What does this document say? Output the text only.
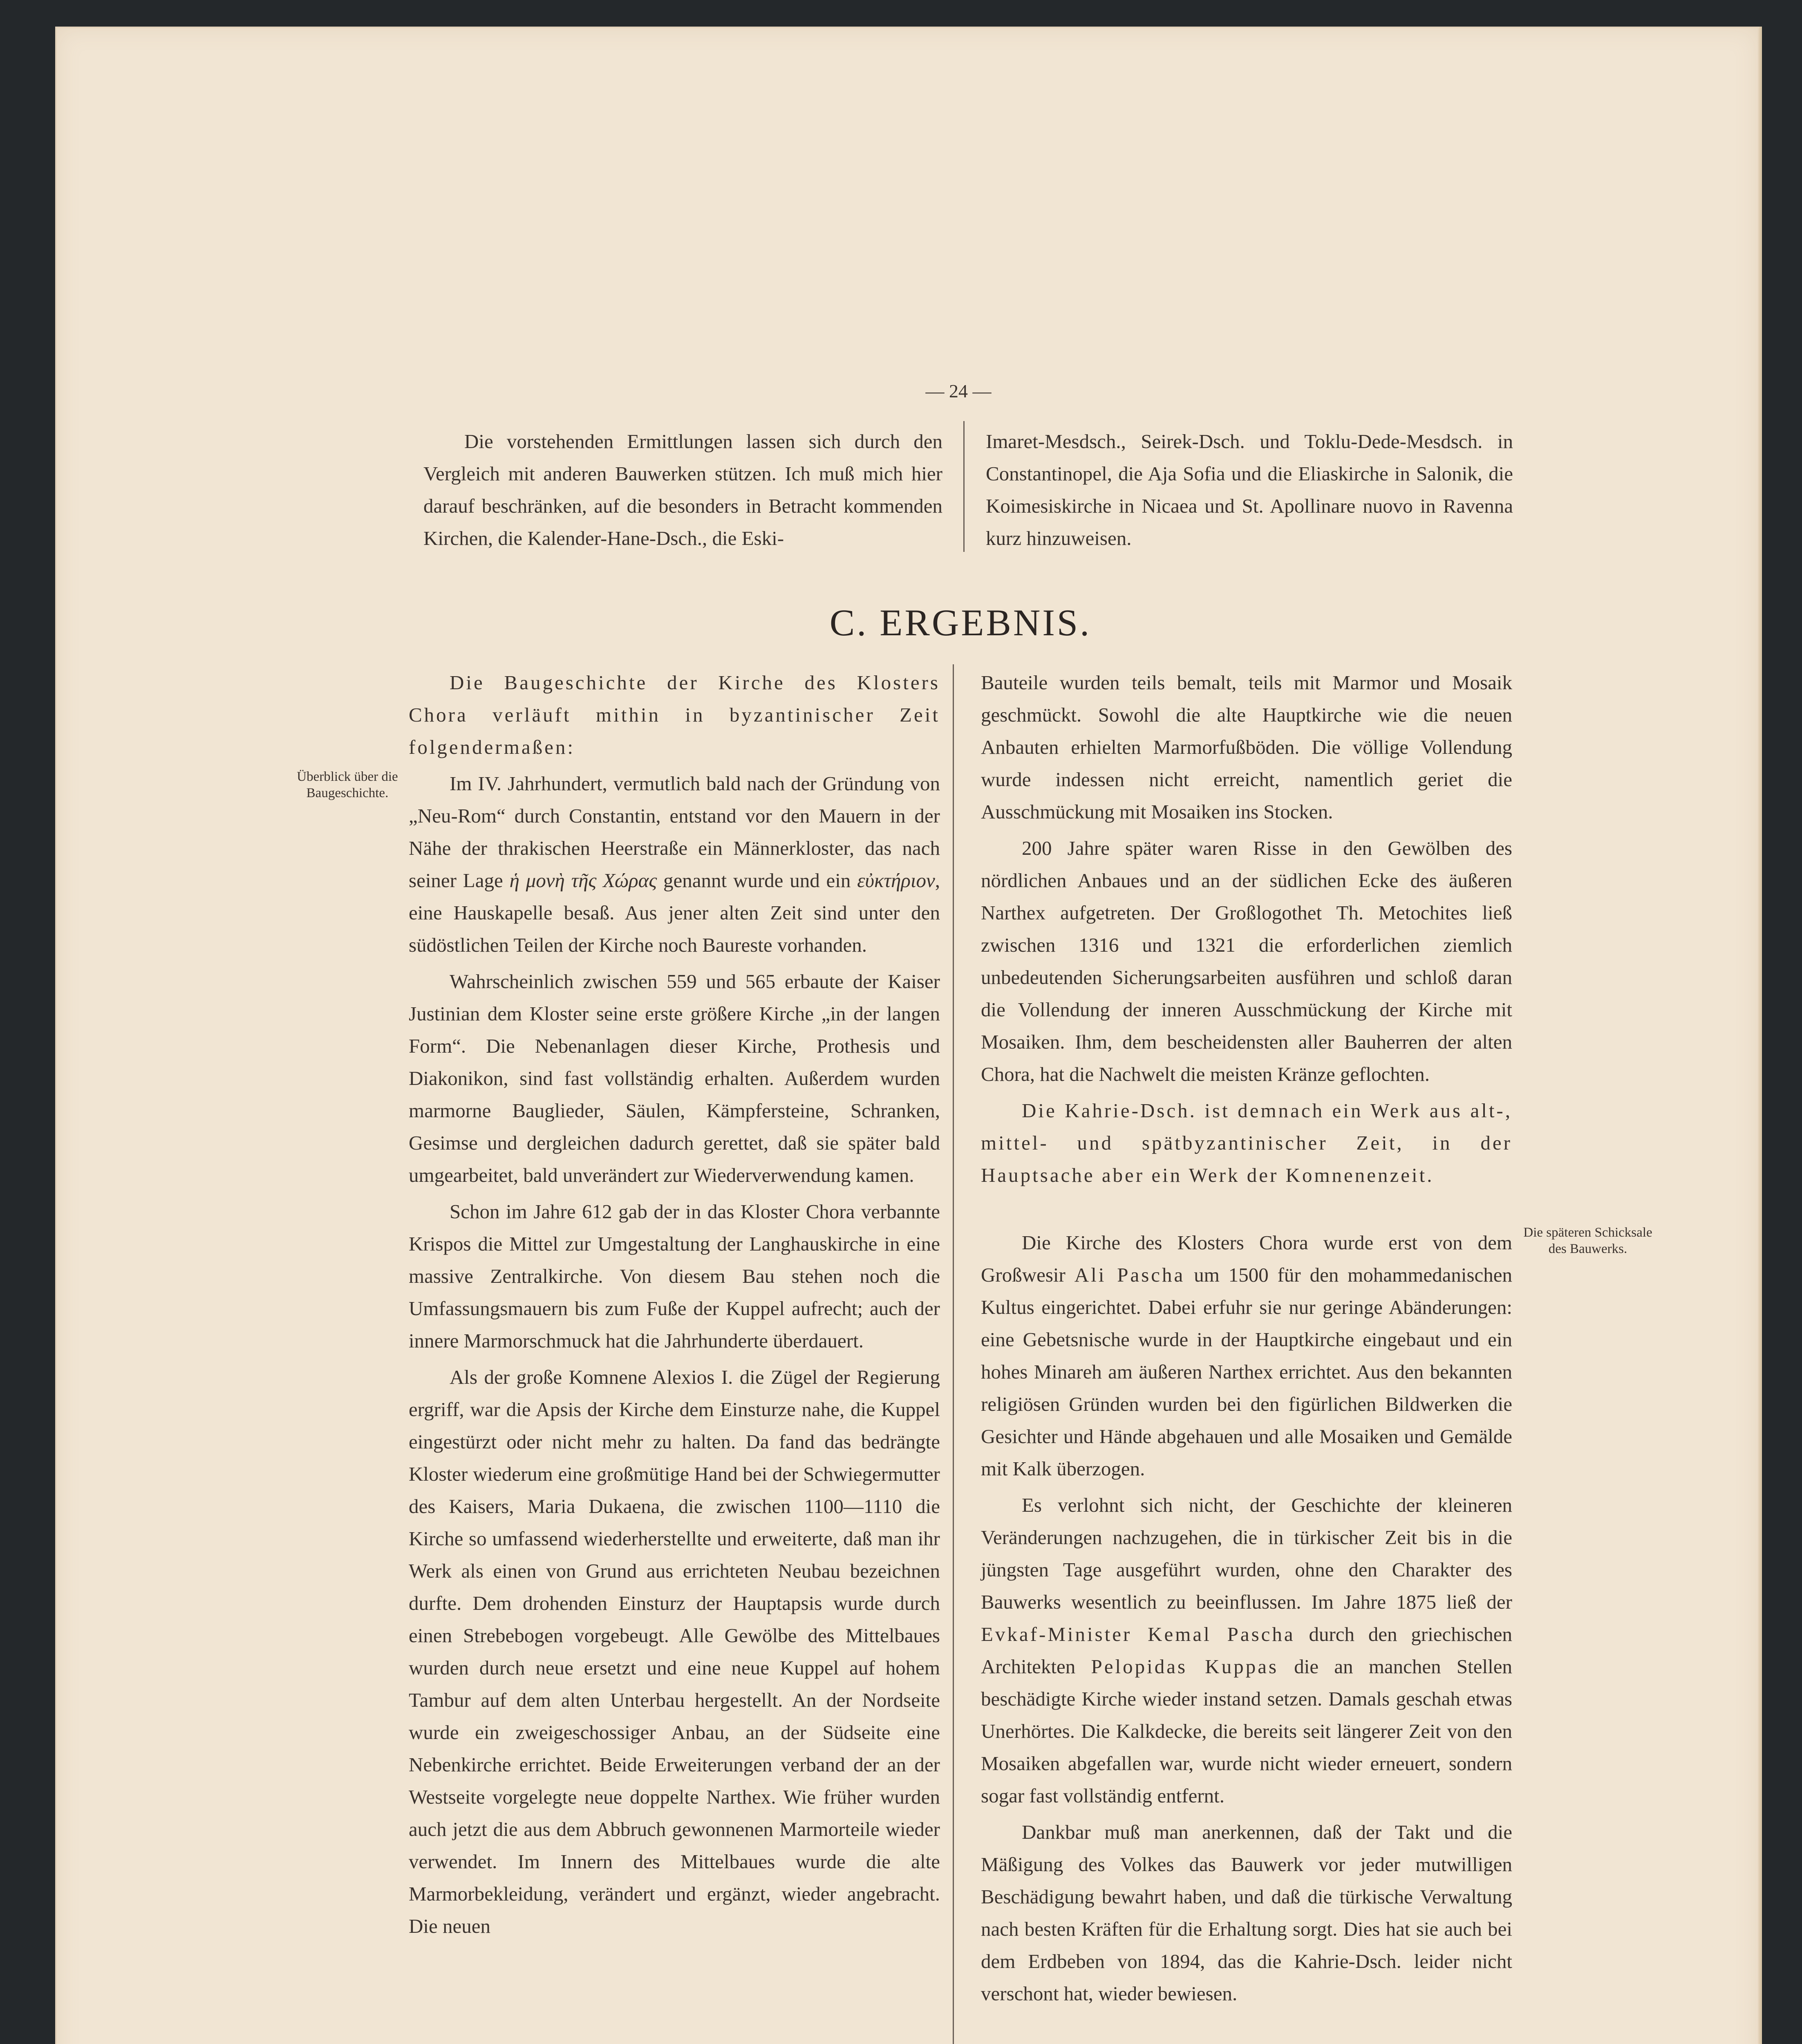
— 24 —

Die vorstehenden Ermittlungen lassen sich durch den Vergleich mit anderen Bauwerken stützen. Ich muß mich hier darauf beschränken, auf die besonders in Betracht kommenden Kirchen, die Kalender-Hane-Dsch., die Eski-

Imaret-Mesdsch., Seirek-Dsch. und Toklu-Dede-Mesdsch. in Constantinopel, die Aja Sofia und die Eliaskirche in Salonik, die Koimesiskirche in Nicaea und St. Apollinare nuovo in Ravenna kurz hinzuweisen.

C. ERGEBNIS.
Überblick über die Baugeschichte.

Die Baugeschichte der Kirche des Klosters Chora verläuft mithin in byzantinischer Zeit folgendermaßen:

Im IV. Jahrhundert, vermutlich bald nach der Gründung von „Neu-Rom“ durch Constantin, entstand vor den Mauern in der Nähe der thrakischen Heerstraße ein Männerkloster, das nach seiner Lage ἡ μονὴ τῆς Χώρας genannt wurde und ein εὐκτήριον, eine Hauskapelle besaß. Aus jener alten Zeit sind unter den südöstlichen Teilen der Kirche noch Baureste vorhanden.

Wahrscheinlich zwischen 559 und 565 erbaute der Kaiser Justinian dem Kloster seine erste größere Kirche „in der langen Form“. Die Nebenanlagen dieser Kirche, Prothesis und Diakonikon, sind fast vollständig erhalten. Außerdem wurden marmorne Bauglieder, Säulen, Kämpfersteine, Schranken, Gesimse und dergleichen dadurch gerettet, daß sie später bald umgearbeitet, bald unverändert zur Wiederverwendung kamen.

Schon im Jahre 612 gab der in das Kloster Chora verbannte Krispos die Mittel zur Umgestaltung der Langhauskirche in eine massive Zentralkirche. Von diesem Bau stehen noch die Umfassungsmauern bis zum Fuße der Kuppel aufrecht; auch der innere Marmorschmuck hat die Jahrhunderte überdauert.

Als der große Komnene Alexios I. die Zügel der Regierung ergriff, war die Apsis der Kirche dem Einsturze nahe, die Kuppel eingestürzt oder nicht mehr zu halten. Da fand das bedrängte Kloster wiederum eine großmütige Hand bei der Schwiegermutter des Kaisers, Maria Dukaena, die zwischen 1100—1110 die Kirche so umfassend wiederherstellte und erweiterte, daß man ihr Werk als einen von Grund aus errichteten Neubau bezeichnen durfte. Dem drohenden Einsturz der Hauptapsis wurde durch einen Strebebogen vorgebeugt. Alle Gewölbe des Mittelbaues wurden durch neue ersetzt und eine neue Kuppel auf hohem Tambur auf dem alten Unterbau hergestellt. An der Nordseite wurde ein zweigeschossiger Anbau, an der Südseite eine Nebenkirche errichtet. Beide Erweiterungen verband der an der Westseite vorgelegte neue doppelte Narthex. Wie früher wurden auch jetzt die aus dem Abbruch gewonnenen Marmorteile wieder verwendet. Im Innern des Mittelbaues wurde die alte Marmorbekleidung, verändert und ergänzt, wieder angebracht. Die neuen

Bauteile wurden teils bemalt, teils mit Marmor und Mosaik geschmückt. Sowohl die alte Hauptkirche wie die neuen Anbauten erhielten Marmorfußböden. Die völlige Vollendung wurde indessen nicht erreicht, namentlich geriet die Ausschmückung mit Mosaiken ins Stocken.

200 Jahre später waren Risse in den Gewölben des nördlichen Anbaues und an der südlichen Ecke des äußeren Narthex aufgetreten. Der Großlogothet Th. Metochites ließ zwischen 1316 und 1321 die erforderlichen ziemlich unbedeutenden Sicherungsarbeiten ausführen und schloß daran die Vollendung der inneren Ausschmückung der Kirche mit Mosaiken. Ihm, dem bescheidensten aller Bauherren der alten Chora, hat die Nachwelt die meisten Kränze geflochten.

Die Kahrie-Dsch. ist demnach ein Werk aus alt-, mittel- und spätbyzantinischer Zeit, in der Hauptsache aber ein Werk der Komnenenzeit.

Die Kirche des Klosters Chora wurde erst von dem Großwesir Ali Pascha um 1500 für den mohammedanischen Kultus eingerichtet. Dabei erfuhr sie nur geringe Abänderungen: eine Gebetsnische wurde in der Hauptkirche eingebaut und ein hohes Minareh am äußeren Narthex errichtet. Aus den bekannten religiösen Gründen wurden bei den figürlichen Bildwerken die Gesichter und Hände abgehauen und alle Mosaiken und Gemälde mit Kalk überzogen.

Es verlohnt sich nicht, der Geschichte der kleineren Veränderungen nachzugehen, die in türkischer Zeit bis in die jüngsten Tage ausgeführt wurden, ohne den Charakter des Bauwerks wesentlich zu beeinflussen. Im Jahre 1875 ließ der Evkaf-Minister Kemal Pascha durch den griechischen Architekten Pelopidas Kuppas die an manchen Stellen beschädigte Kirche wieder instand setzen. Damals geschah etwas Unerhörtes. Die Kalkdecke, die bereits seit längerer Zeit von den Mosaiken abgefallen war, wurde nicht wieder erneuert, sondern sogar fast vollständig entfernt.

Dankbar muß man anerkennen, daß der Takt und die Mäßigung des Volkes das Bauwerk vor jeder mutwilligen Beschädigung bewahrt haben, und daß die türkische Verwaltung nach besten Kräften für die Erhaltung sorgt. Dies hat sie auch bei dem Erdbeben von 1894, das die Kahrie-Dsch. leider nicht verschont hat, wieder bewiesen.

Die späteren Schicksale des Bauwerks.
